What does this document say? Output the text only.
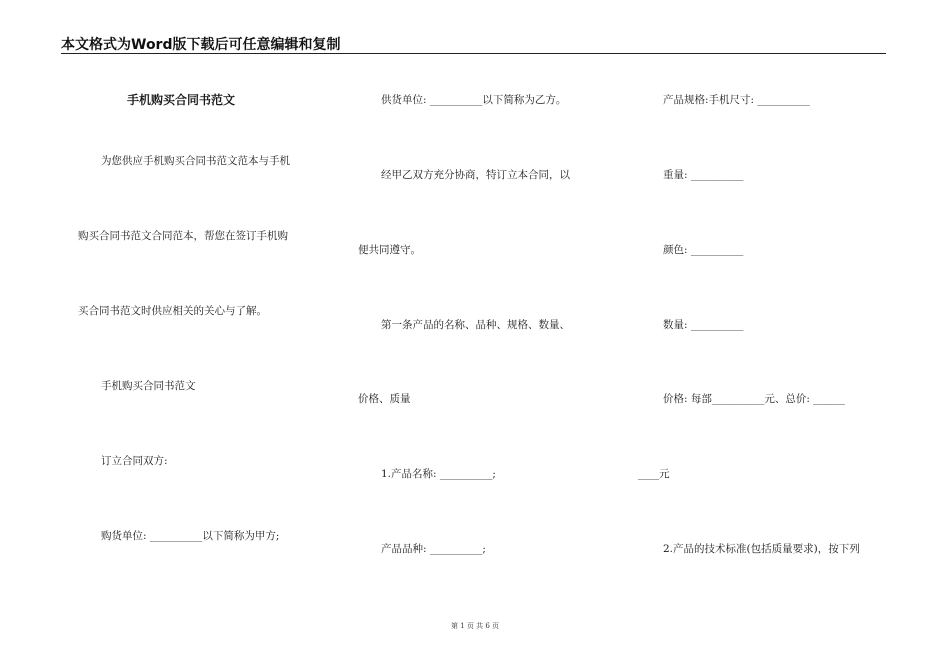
本文格式为Word版下载后可任意编辑和复制
手机购买合同书范文
为您供应手机购买合同书范文范本与手机
购买合同书范文合同范本，帮您在签订手机购
买合同书范文时供应相关的关心与了解。
手机购买合同书范文
订立合同双方:
购货单位: __________以下简称为甲方;
供货单位: __________以下简称为乙方。
经甲乙双方充分协商，特订立本合同，以
便共同遵守。
第一条产品的名称、品种、规格、数量、
价格、质量
1.产品名称: __________;
产品品种: __________;
____元
产品规格:手机尺寸: __________
重量: __________
颜色: __________
数量: __________
价格: 每部__________元、总价: ______
2.产品的技术标准(包括质量要求)，按下列
第 1 页 共 6 页
